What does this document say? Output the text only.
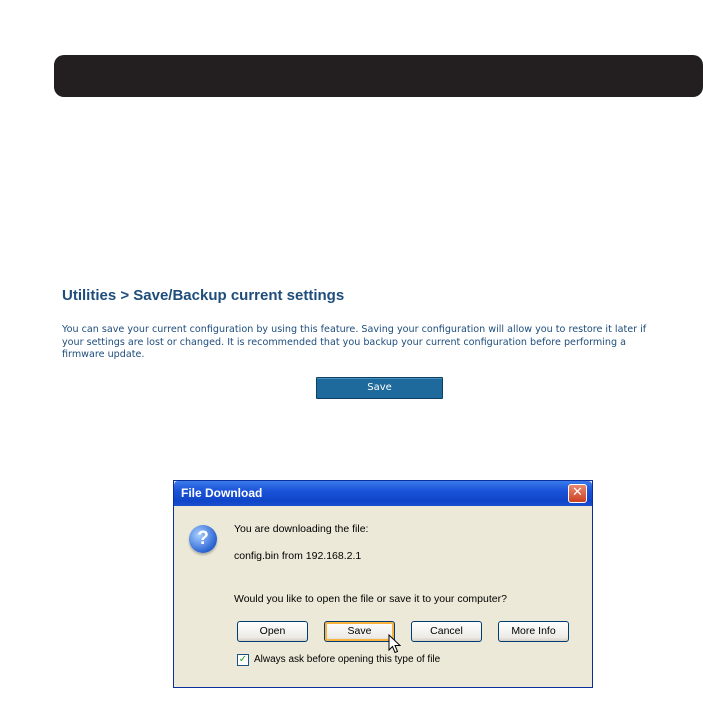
Utilities > Save/Backup current settings
You can save your current configuration by using this feature. Saving your configuration will allow you to restore it later if your settings are lost or changed. It is recommended that you backup your current configuration before performing a firmware update.
Save
File Download	✕
?	You are downloading the file:
config.bin from 192.168.2.1
Would you like to open the file or save it to your computer?
Open	Save	Cancel	More Info
✓ Always ask before opening this type of file
